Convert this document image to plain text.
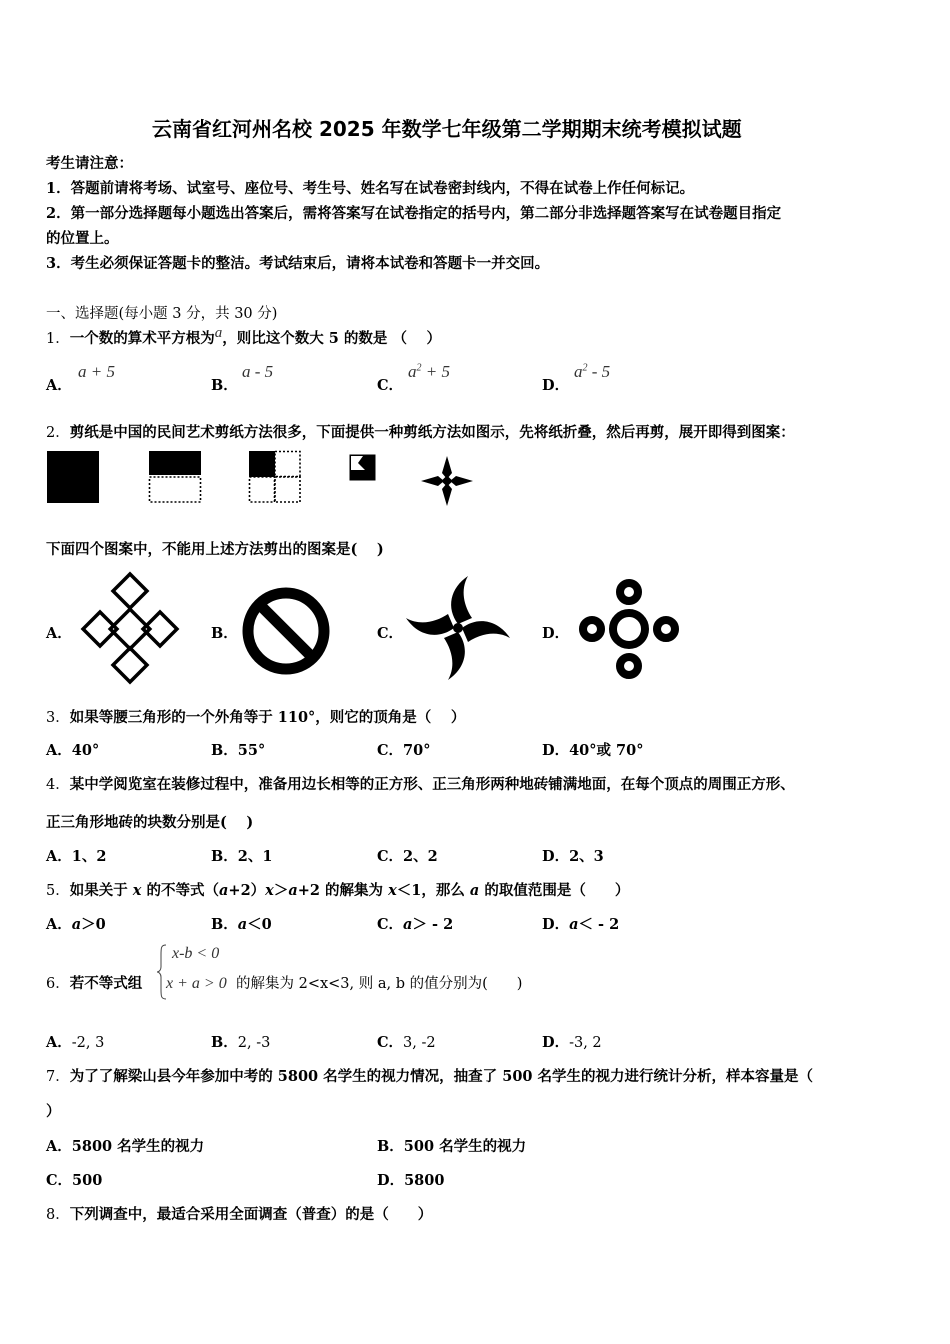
云南省红河州名校 2025 年数学七年级第二学期期末统考模拟试题
考生请注意：
1．答题前请将考场、试室号、座位号、考生号、姓名写在试卷密封线内，不得在试卷上作任何标记。
2．第一部分选择题每小题选出答案后，需将答案写在试卷指定的括号内，第二部分非选择题答案写在试卷题目指定
的位置上。
3．考生必须保证答题卡的整洁。考试结束后，请将本试卷和答题卡一并交回。
一、选择题(每小题 3 分，共 30 分)
1．一个数的算术平方根为a，则比这个数大 5 的数是 （　 ）
A．
a + 5
B．
a - 5
C．
$a^2 + 5$
D．
$a^2 - 5$
2．剪纸是中国的民间艺术剪纸方法很多，下面提供一种剪纸方法如图示，先将纸折叠，然后再剪，展开即得到图案：
下面四个图案中，不能用上述方法剪出的图案是(　 )
A．	B．	C．	D．
3．如果等腰三角形的一个外角等于 110°，则它的顶角是（　 ）
A．40°	B．55°	C．70°	D．40°或 70°
4．某中学阅览室在装修过程中，准备用边长相等的正方形、正三角形两种地砖铺满地面，在每个顶点的周围正方形、
正三角形地砖的块数分别是(　 )
A．1、2	B．2、1	C．2、2	D．2、3
5．如果关于 x 的不等式（a+2）x＞a+2 的解集为 x＜1，那么 a 的取值范围是（　　）
A．a＞0	B．a＜0	C．a＞ - 2	D．a＜ - 2
6．若不等式组
x-b < 0
x + a > 0 的解集为 2<x<3, 则 a, b 的值分别为(　　)
A．-2, 3	B．2, -3	C．3, -2	D．-3, 2
7．为了了解梁山县今年参加中考的 5800 名学生的视力情况，抽查了 500 名学生的视力进行统计分析，样本容量是（
）
A．5800 名学生的视力	B．500 名学生的视力
C．500	D．5800
8．下列调查中，最适合采用全面调查（普查）的是（　　）
